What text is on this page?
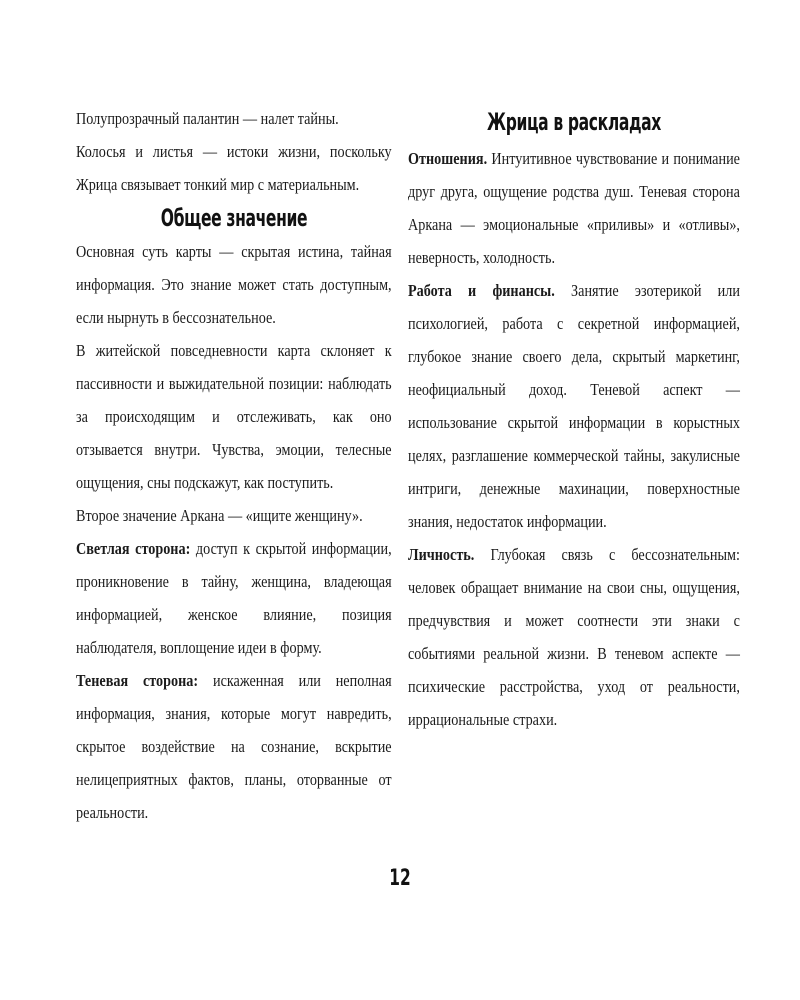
Полупрозрачный палантин — налет тайны.

Колосья и листья — истоки жизни, поскольку Жрица связывает тонкий мир с материальным.

Общее значение

Основная суть карты — скрытая истина, тайная информация. Это знание может стать доступным, если нырнуть в бессознательное.

В житейской повседневности карта склоняет к пассивности и выжидательной позиции: наблюдать за происходящим и отслеживать, как оно отзывается внутри. Чувства, эмоции, телесные ощущения, сны подскажут, как поступить.

Второе значение Аркана — «ищите женщину».

Светлая сторона: доступ к скрытой информации, проникновение в тайну, женщина, владеющая информацией, женское влияние, позиция наблюдателя, воплощение идеи в форму.

Теневая сторона: искаженная или неполная информация, знания, которые могут навредить, скрытое воздействие на сознание, вскрытие нелицеприятных фактов, планы, оторванные от реальности.

Жрица в раскладах

Отношения. Интуитивное чувствование и понимание друг друга, ощущение родства душ. Теневая сторона Аркана — эмоциональные «приливы» и «отливы», неверность, холодность.

Работа и финансы. Занятие эзотерикой или психологией, работа с секретной информацией, глубокое знание своего дела, скрытый маркетинг, неофициальный доход. Теневой аспект — использование скрытой информации в корыстных целях, разглашение коммерческой тайны, закулисные интриги, денежные махинации, поверхностные знания, недостаток информации.

Личность. Глубокая связь с бессознательным: человек обращает внимание на свои сны, ощущения, предчувствия и может соотнести эти знаки с событиями реальной жизни. В теневом аспекте — психические расстройства, уход от реальности, иррациональные страхи.

12
